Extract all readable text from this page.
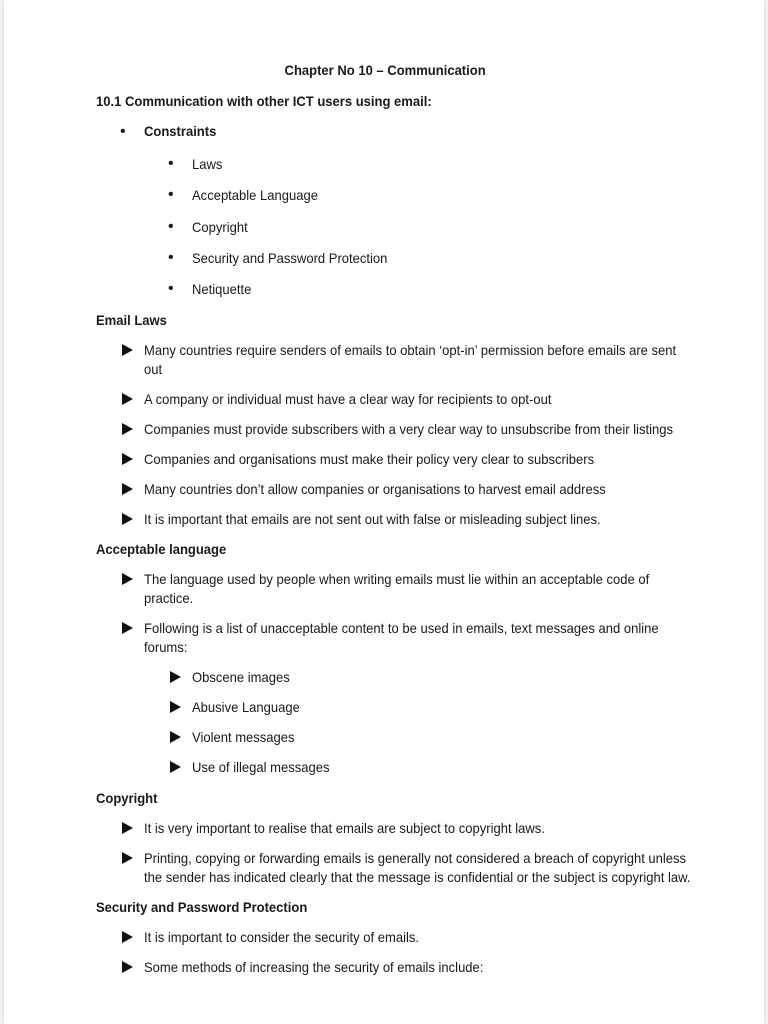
Chapter No 10 – Communication
10.1 Communication with other ICT users using email:
• Constraints
• Laws
• Acceptable Language
• Copyright
• Security and Password Protection
• Netiquette
Email Laws
Many countries require senders of emails to obtain ‘opt-in’ permission before emails are sent out
A company or individual must have a clear way for recipients to opt-out
Companies must provide subscribers with a very clear way to unsubscribe from their listings
Companies and organisations must make their policy very clear to subscribers
Many countries don’t allow companies or organisations to harvest email address
It is important that emails are not sent out with false or misleading subject lines.
Acceptable language
The language used by people when writing emails must lie within an acceptable code of practice.
Following is a list of unacceptable content to be used in emails, text messages and online forums:
Obscene images
Abusive Language
Violent messages
Use of illegal messages
Copyright
It is very important to realise that emails are subject to copyright laws.
Printing, copying or forwarding emails is generally not considered a breach of copyright unless the sender has indicated clearly that the message is confidential or the subject is copyright law.
Security and Password Protection
It is important to consider the security of emails.
Some methods of increasing the security of emails include:
